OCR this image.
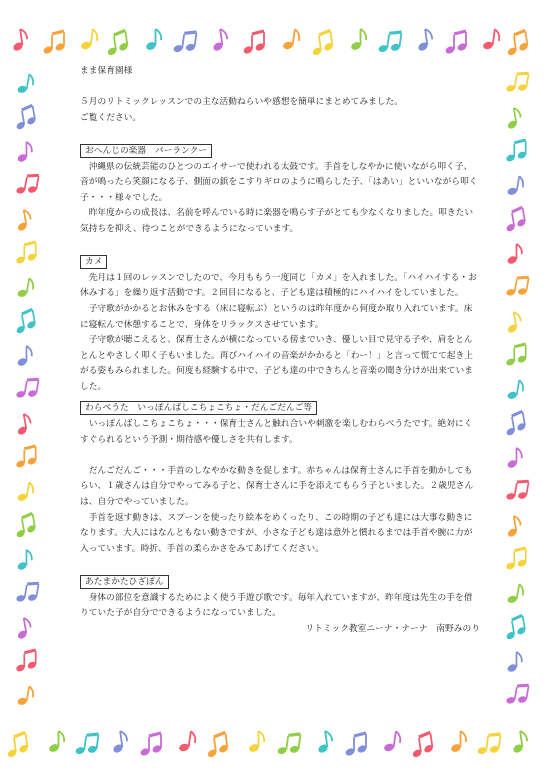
まま保育園様

５月のリトミックレッスンでの主な活動ねらいや感想を簡単にまとめてみました。

ご覧ください。

おへんじの楽器　パーランクー

沖縄県の伝統芸能のひとつのエイサーで使われる太鼓です。手首をしなやかに使いながら叩く子、音が鳴ったら笑顔になる子、側面の鋲をこすりギロのように鳴らした子、「はあい」といいながら叩く子・・・様々でした。

昨年度からの成長は、名前を呼んでいる時に楽器を鳴らす子がとても少なくなりました。叩きたい気持ちを抑え、待つことができるようになっています。

カメ

先月は１回のレッスンでしたので、今月ももう一度同じ「カメ」を入れました。「ハイハイする・お休みする」を繰り返す活動です。２回目になると、子ども達は積極的にハイハイをしていました。

子守歌がかかるとお休みをする（床に寝転ぶ）というのは昨年度から何度か取り入れています。床に寝転んで休憩することで、身体をリラックスさせています。

子守歌が聴こえると、保育士さんが横になっている傍までいき、優しい目で見守る子や、肩をとんとんとやさしく叩く子もいました。再びハイハイの音楽がかかると「わー！」と言って慌てて起き上がる姿もみられました。何度も経験する中で、子ども達の中できちんと音楽の聞き分けが出来ていました。

わらべうた　いっぽんばしこちょこちょ・だんごだんご等

いっぽんばしこちょこちょ・・・保育士さんと触れ合いや刺激を楽しむわらべうたです。絶対にくすぐられるという予測・期待感や優しさを共有します。

だんごだんご・・・手首のしなやかな動きを促します。赤ちゃんは保育士さんに手首を動かしてもらい、１歳さんは自分でやってみる子と、保育士さんに手を添えてもらう子といました。２歳児さんは、自分でやっていました。

手首を返す動きは、スプーンを使ったり絵本をめくったり、この時期の子ども達には大事な動きになります。大人にはなんともない動きですが、小さな子ども達は意外と慣れるまでは手首や腕に力が入っています。時折、手首の柔らかさをみてあげてください。

あたまかたひざぽん

身体の部位を意識するためによく使う手遊び歌です。毎年入れていますが、昨年度は先生の手を借りていた子が自分でできるようになっていました。

リトミック教室ニーナ・ナーナ　南野みのり
